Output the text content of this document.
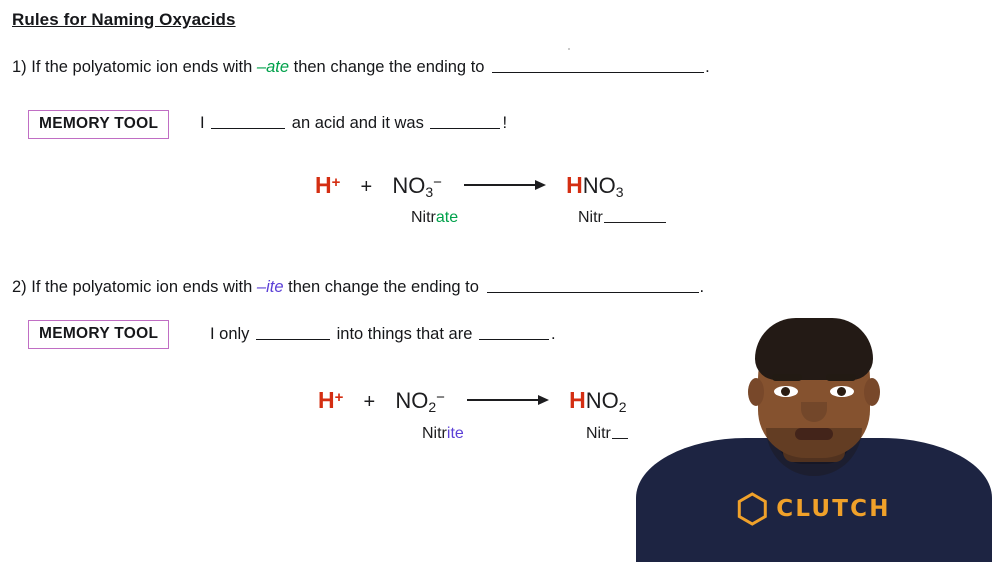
Rules for Naming Oxyacids
1) If the polyatomic ion ends with –ate then change the ending to	.
MEMORY TOOL	I	an acid and it was	!
$H^+ + NO_3^-$	$HNO_3$
Nitrate	Nitr
2) If the polyatomic ion ends with –ite then change the ending to	.
MEMORY TOOL	I only	into things that are	.
$H^+ + NO_2^-$	$HNO_2$
Nitrite	Nitr
CLUTCH
